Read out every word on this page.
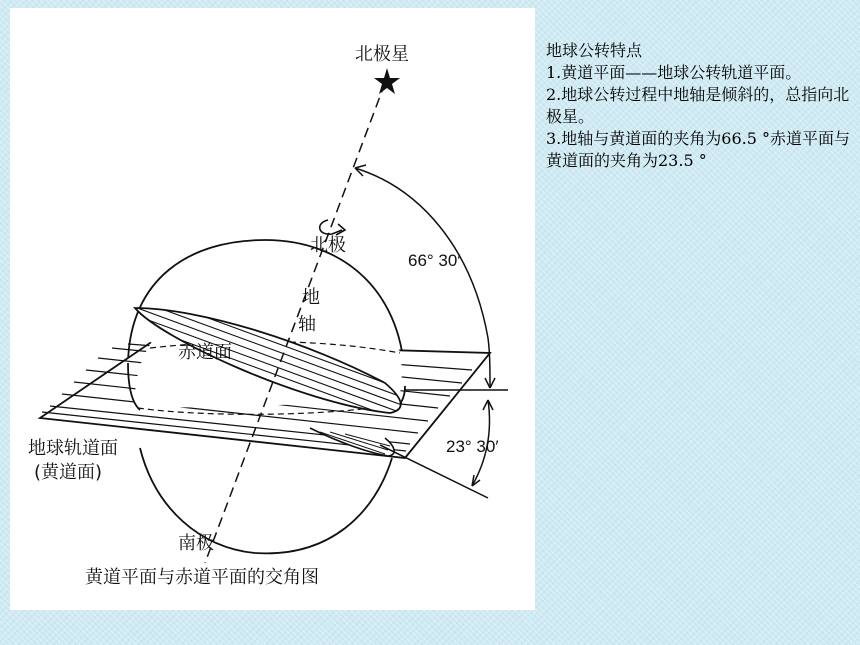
北极星
北极
地
轴
赤道面
66° 30′
23° 30′
地球轨道面
(黄道面)
南极
黄道平面与赤道平面的交角图
地球公转特点
1.黄道平面——地球公转轨道平面。
2.地球公转过程中地轴是倾斜的，总指向北极星。
3.地轴与黄道面的夹角为66.5 °赤道平面与黄道面的夹角为23.5 °
